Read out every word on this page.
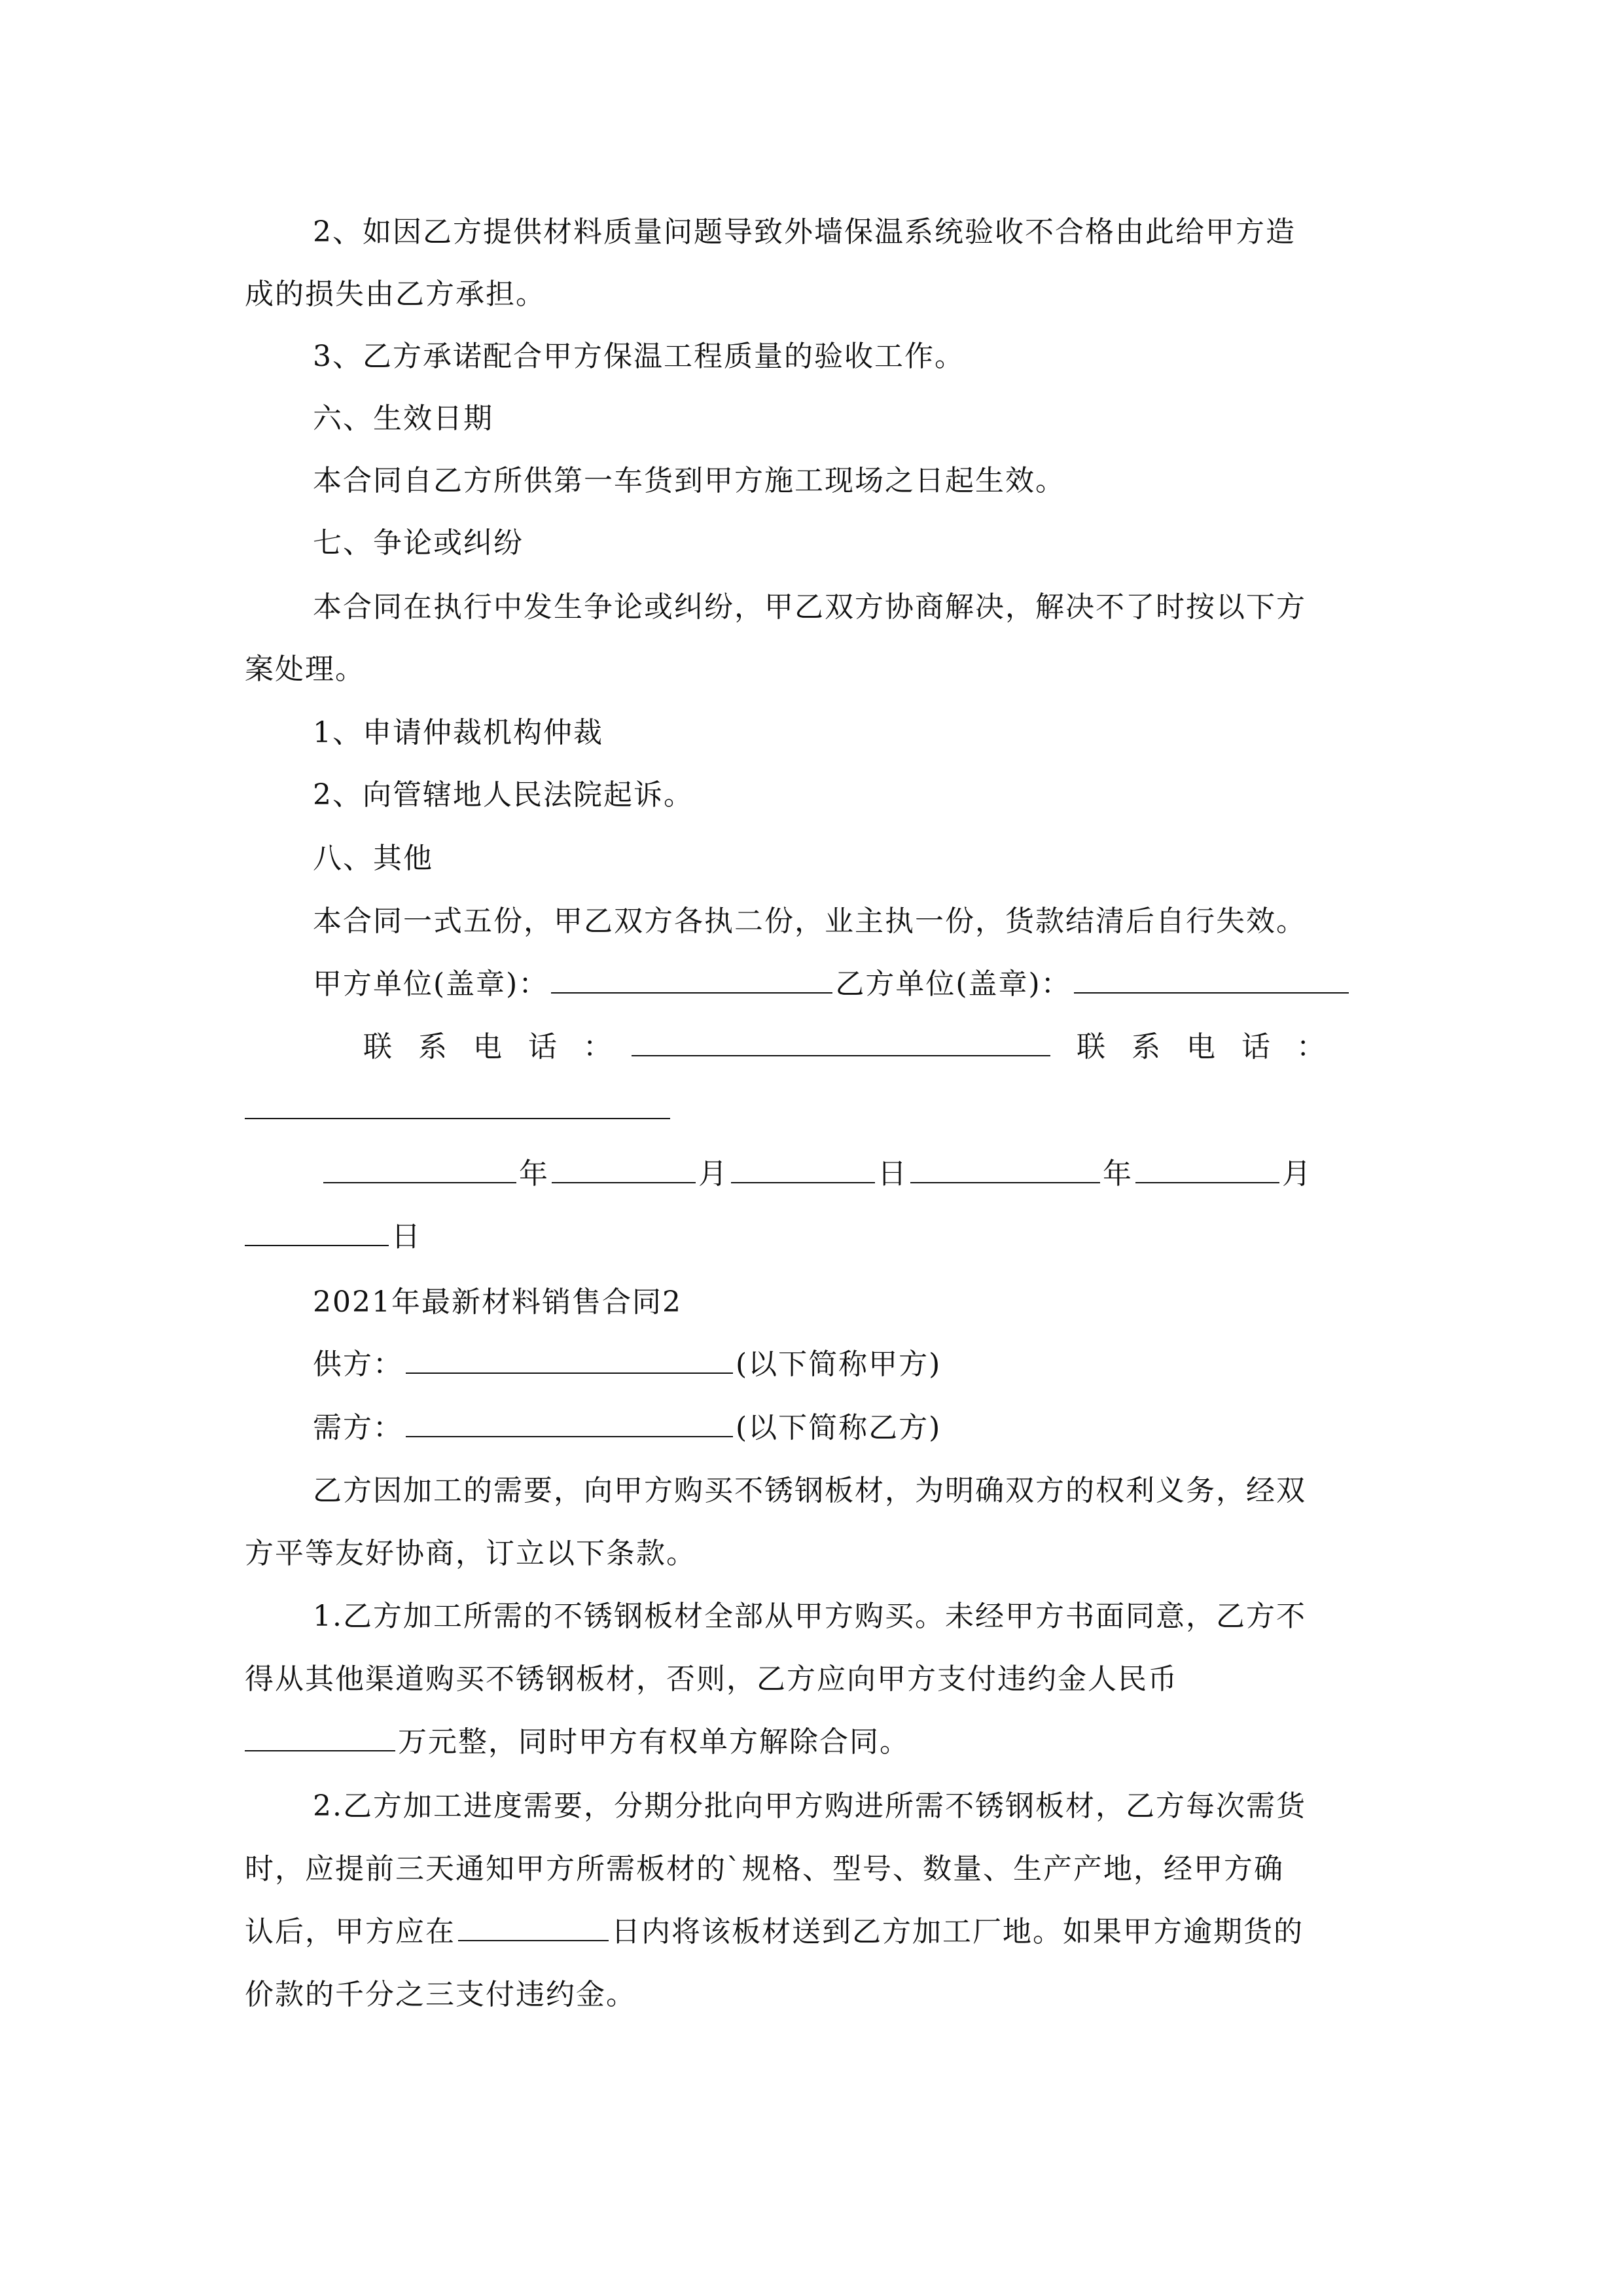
2、如因乙方提供材料质量问题导致外墙保温系统验收不合格由此给甲方造
成的损失由乙方承担。
3、乙方承诺配合甲方保温工程质量的验收工作。
六、生效日期
本合同自乙方所供第一车货到甲方施工现场之日起生效。
七、争论或纠纷
本合同在执行中发生争论或纠纷，甲乙双方协商解决，解决不了时按以下方
案处理。
1、申请仲裁机构仲裁
2、向管辖地人民法院起诉。
八、其他
本合同一式五份，甲乙双方各执二份，业主执一份，货款结清后自行失效。
甲方单位(盖章)：	乙方单位(盖章)：
联系电话：	联系电话：
年	月	日	年	月
日
2021年最新材料销售合同2
供方：	(以下简称甲方)
需方：	(以下简称乙方)
乙方因加工的需要，向甲方购买不锈钢板材，为明确双方的权利义务，经双
方平等友好协商，订立以下条款。
1.乙方加工所需的不锈钢板材全部从甲方购买。未经甲方书面同意，乙方不
得从其他渠道购买不锈钢板材，否则，乙方应向甲方支付违约金人民币
万元整，同时甲方有权单方解除合同。
2.乙方加工进度需要，分期分批向甲方购进所需不锈钢板材，乙方每次需货
时，应提前三天通知甲方所需板材的`规格、型号、数量、生产产地，经甲方确
认后，甲方应在	日内将该板材送到乙方加工厂地。如果甲方逾期货的
价款的千分之三支付违约金。
